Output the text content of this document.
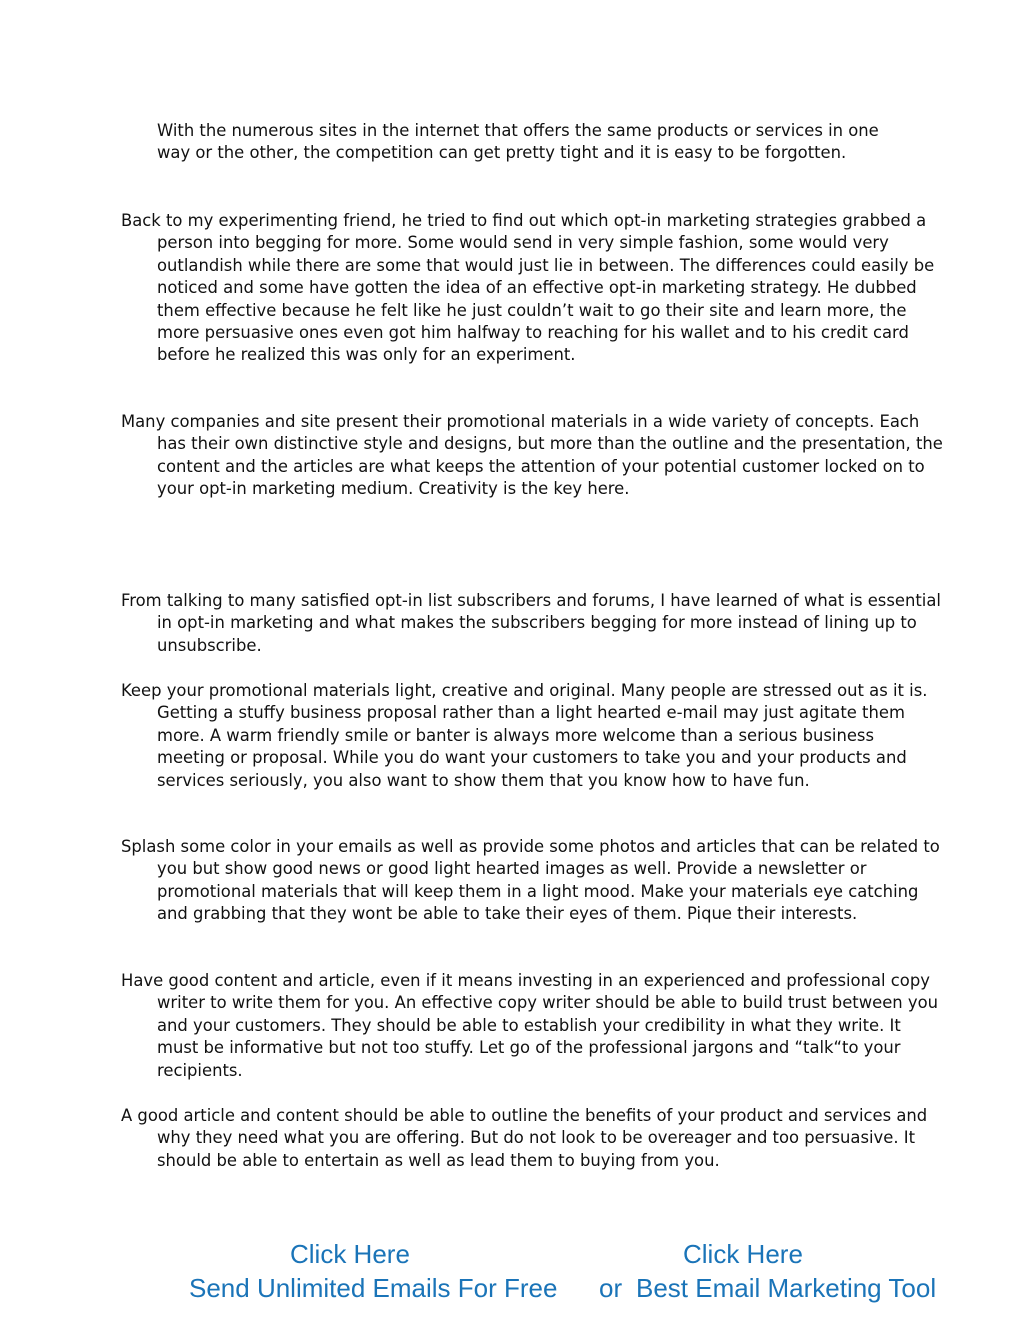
With the numerous sites in the internet that offers the same products or services in one way or the other, the competition can get pretty tight and it is easy to be forgotten.

Back to my experimenting friend, he tried to find out which opt-in marketing strategies grabbed a person into begging for more. Some would send in very simple fashion, some would very outlandish while there are some that would just lie in between. The differences could easily be noticed and some have gotten the idea of an effective opt-in marketing strategy. He dubbed them effective because he felt like he just couldn’t wait to go their site and learn more, the more persuasive ones even got him halfway to reaching for his wallet and to his credit card before he realized this was only for an experiment.

Many companies and site present their promotional materials in a wide variety of concepts. Each has their own distinctive style and designs, but more than the outline and the presentation, the content and the articles are what keeps the attention of your potential customer locked on to your opt-in marketing medium. Creativity is the key here.

From talking to many satisfied opt-in list subscribers and forums, I have learned of what is essential in opt-in marketing and what makes the subscribers begging for more instead of lining up to unsubscribe.

Keep your promotional materials light, creative and original. Many people are stressed out as it is. Getting a stuffy business proposal rather than a light hearted e-mail may just agitate them more. A warm friendly smile or banter is always more welcome than a serious business meeting or proposal. While you do want your customers to take you and your products and services seriously, you also want to show them that you know how to have fun.

Splash some color in your emails as well as provide some photos and articles that can be related to you but show good news or good light hearted images as well. Provide a newsletter or promotional materials that will keep them in a light mood. Make your materials eye catching and grabbing that they wont be able to take their eyes of them. Pique their interests.

Have good content and article, even if it means investing in an experienced and professional copy writer to write them for you. An effective copy writer should be able to build trust between you and your customers. They should be able to establish your credibility in what they write. It must be informative but not too stuffy. Let go of the professional jargons and “talk“to your recipients.

A good article and content should be able to outline the benefits of your product and services and why they need what you are offering. But do not look to be overeager and too persuasive. It should be able to entertain as well as lead them to buying from you.

Click Here	Click Here
Send Unlimited Emails For Free or Best Email Marketing Tool
